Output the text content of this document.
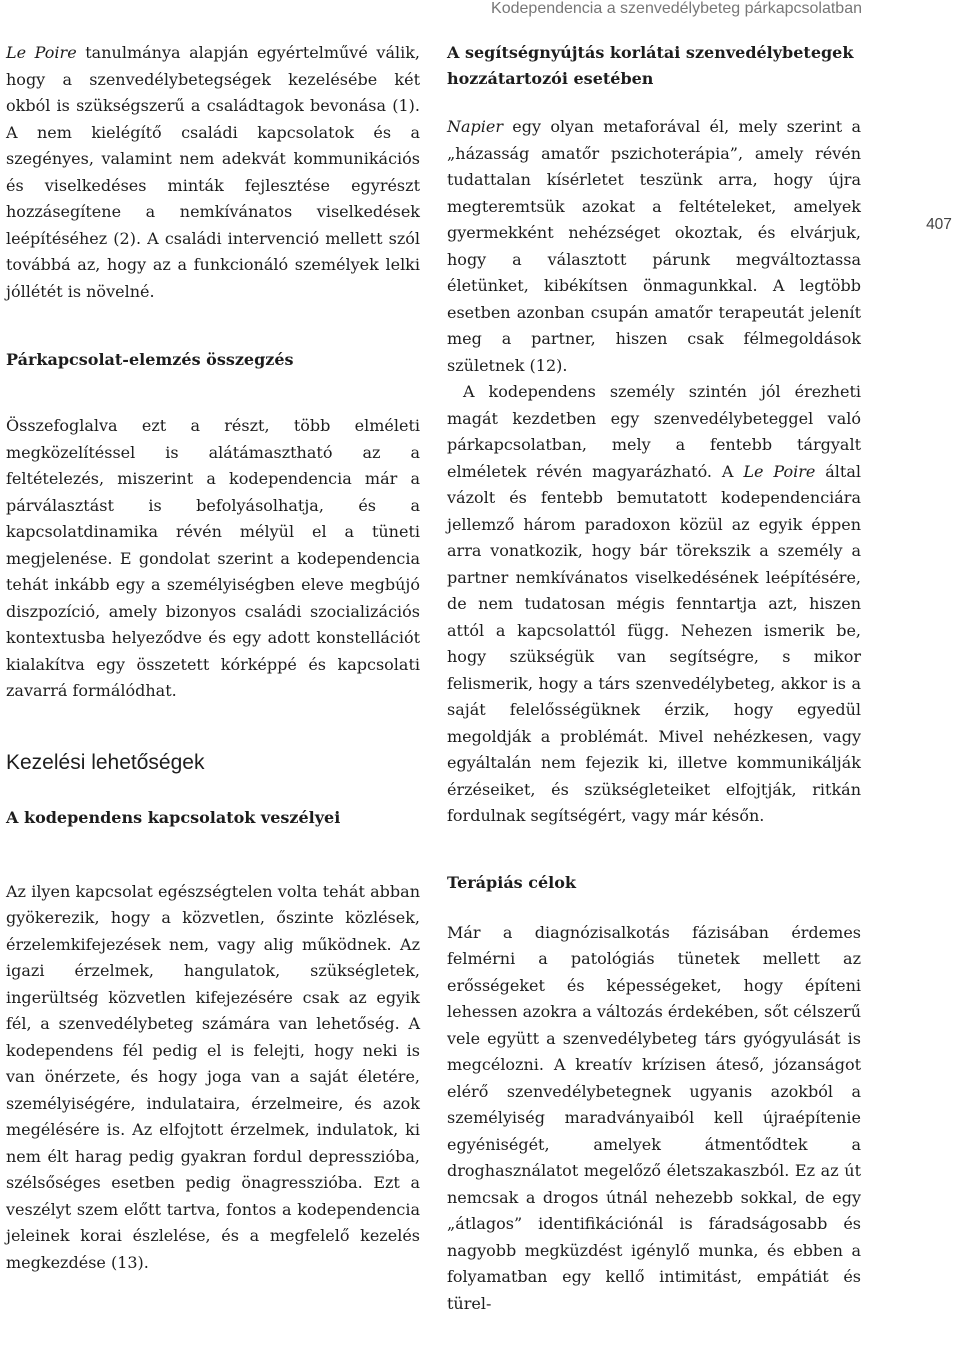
Kodependencia a szenvedélybeteg párkapcsolatban
407

Le Poire tanulmánya alapján egyértelművé válik, hogy a szenvedélybetegségek kezelésébe két okból is szükségszerű a családtagok bevonása (1). A nem kielégítő családi kapcsolatok és a szegényes, valamint nem adekvát kommunikációs és viselkedéses minták fejlesztése egyrészt hozzásegítene a nemkívánatos viselkedések leépítéséhez (2). A családi intervenció mellett szól továbbá az, hogy az a funkcionáló személyek lelki jóllétét is növelné.

Párkapcsolat-elemzés összegzés

Összefoglalva ezt a részt, több elméleti megközelítéssel is alátámasztható az a feltételezés, miszerint a kodependencia már a párválasztást is befolyásolhatja, és a kapcsolatdinamika révén mélyül el a tüneti megjelenése. E gondolat szerint a kodependencia tehát inkább egy a személyiségben eleve megbújó diszpozíció, amely bizonyos családi szocializációs kontextusba helyeződve és egy adott konstellációt kialakítva egy összetett kórképpé és kapcsolati zavarrá formálódhat.

Kezelési lehetőségek
A kodependens kapcsolatok veszélyei

Az ilyen kapcsolat egészségtelen volta tehát abban gyökerezik, hogy a közvetlen, őszinte közlések, érzelemkifejezések nem, vagy alig működnek. Az igazi érzelmek, hangulatok, szükségletek, ingerültség közvetlen kifejezésére csak az egyik fél, a szenvedélybeteg számára van lehetőség. A kodependens fél pedig el is felejti, hogy neki is van önérzete, és hogy joga van a saját életére, személyiségére, indulataira, érzelmeire, és azok megélésére is. Az elfojtott érzelmek, indulatok, ki nem élt harag pedig gyakran fordul depresszióba, szélsőséges esetben pedig önagresszióba. Ezt a veszélyt szem előtt tartva, fontos a kodependencia jeleinek korai észlelése, és a megfelelő kezelés megkezdése (13).

A segítségnyújtás korlátai szenvedélybetegek hozzátartozói esetében

Napier egy olyan metaforával él, mely szerint a „házasság amatőr pszichoterápia”, amely révén tudattalan kísérletet teszünk arra, hogy újra megteremtsük azokat a feltételeket, amelyek gyermekként nehézséget okoztak, és elvárjuk, hogy a választott párunk megváltoztassa életünket, kibékítsen önmagunkkal. A legtöbb esetben azonban csupán amatőr terapeutát jelenít meg a partner, hiszen csak félmegoldások születnek (12).

A kodependens személy szintén jól érezheti magát kezdetben egy szenvedélybeteggel való párkapcsolatban, mely a fentebb tárgyalt elméletek révén magyarázható. A Le Poire által vázolt és fentebb bemutatott kodependenciára jellemző három paradoxon közül az egyik éppen arra vonatkozik, hogy bár törekszik a személy a partner nemkívánatos viselkedésének leépítésére, de nem tudatosan mégis fenntartja azt, hiszen attól a kapcsolattól függ. Nehezen ismerik be, hogy szükségük van segítségre, s mikor felismerik, hogy a társ szenvedélybeteg, akkor is a saját felelősségüknek érzik, hogy egyedül megoldják a problémát. Mivel nehézkesen, vagy egyáltalán nem fejezik ki, illetve kommunikálják érzéseiket, és szükségleteiket elfojtják, ritkán fordulnak segítségért, vagy már későn.

Terápiás célok

Már a diagnózisalkotás fázisában érdemes felmérni a patológiás tünetek mellett az erősségeket és képességeket, hogy építeni lehessen azokra a változás érdekében, sőt célszerű vele együtt a szenvedélybeteg társ gyógyulását is megcélozni. A kreatív krízisen áteső, józanságot elérő szenvedélybetegnek ugyanis azokból a személyiség maradványaiból kell újraépítenie egyéniségét, amelyek átmentődtek a droghasználatot megelőző életszakaszból. Ez az út nemcsak a drogos útnál nehezebb sokkal, de egy „átlagos” identifikációnál is fáradságosabb és nagyobb megküzdést igénylő munka, és ebben a folyamatban egy kellő intimitást, empátiát és türel-
